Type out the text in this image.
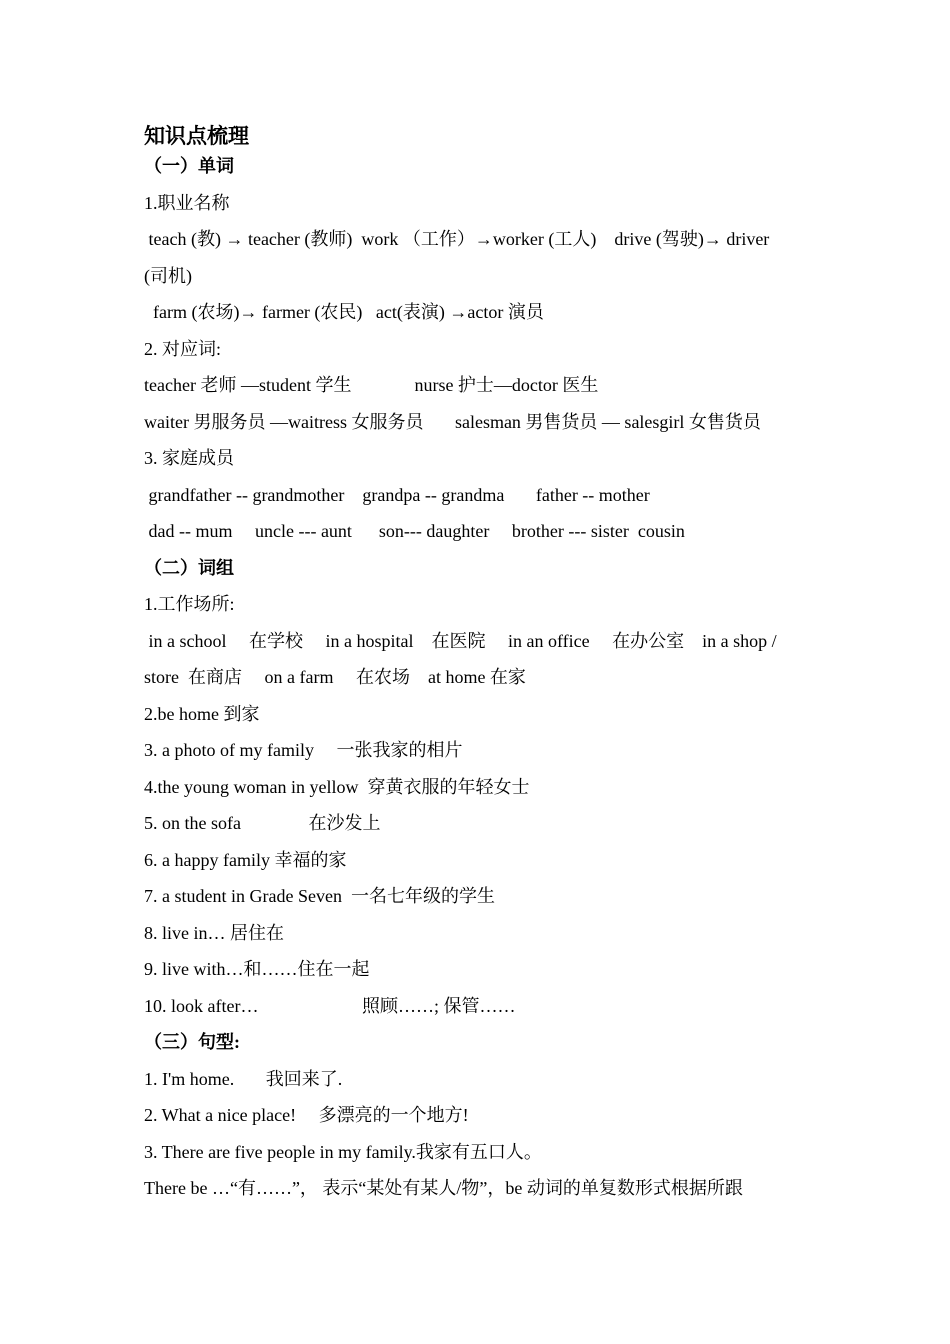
知识点梳理
（一）单词
1.职业名称
teach (教) → teacher (教师)  work （工作）→worker (工人)    drive (驾驶)→ driver
(司机)
farm (农场)→ farmer (农民)   act(表演) →actor 演员
2. 对应词:
teacher 老师 —student 学生              nurse 护士—doctor 医生
waiter 男服务员 —waitress 女服务员       salesman 男售货员 — salesgirl 女售货员
3. 家庭成员
grandfather -- grandmother    grandpa -- grandma       father -- mother
dad -- mum     uncle --- aunt      son--- daughter     brother --- sister  cousin
（二）词组
1.工作场所:
in a school     在学校     in a hospital    在医院     in an office     在办公室    in a shop /
store  在商店     on a farm     在农场    at home 在家
2.be home 到家
3. a photo of my family     一张我家的相片
4.the young woman in yellow  穿黄衣服的年轻女士
5. on the sofa               在沙发上
6. a happy family 幸福的家
7. a student in Grade Seven  一名七年级的学生
8. live in… 居住在
9. live with…和……住在一起
10. look after…                       照顾……; 保管……
（三）句型:
1. I'm home.       我回来了.
2. What a nice place!     多漂亮的一个地方!
3. There are five people in my family.我家有五口人。
There be …“有……”， 表示“某处有某人/物”，be 动词的单复数形式根据所跟
